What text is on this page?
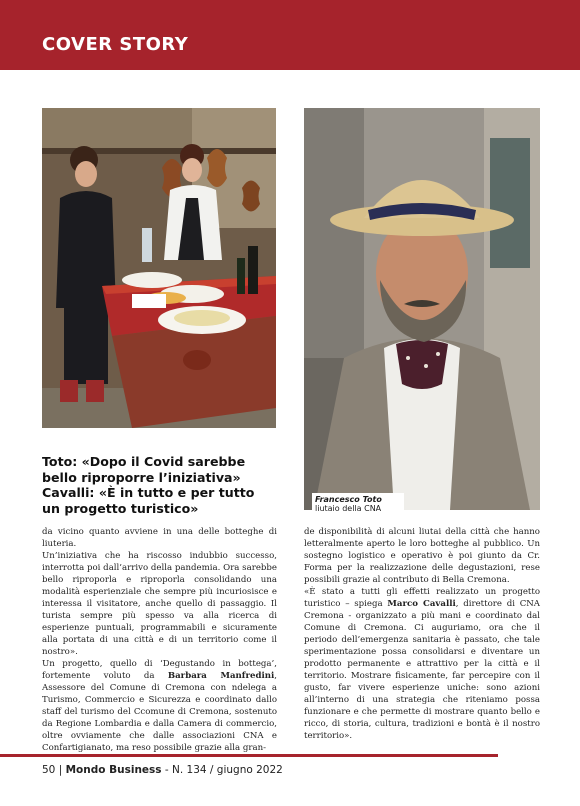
COVER STORY
Francesco Toto
liutaio della CNA
Toto: «Dopo il Covid sarebbe
bello riproporre l’iniziativa»
Cavalli: «È in tutto e per tutto
un progetto turistico»

da vicino quanto avviene in una delle botteghe di liuteria.

Un’iniziativa che ha riscosso indubbio successo, interrotta poi dall’arrivo della pandemia. Ora sarebbe bello riproporla e riproporla consolidando una modalità esperienziale che sempre più incuriosisce e interessa il visitatore, anche quello di passaggio. Il turista sempre più spesso va alla ricerca di esperienze puntuali, programmabili e sicuramente alla portata di una città e di un territorio come il nostro».

Un progetto, quello di ‘Degustando in bottega’, fortemente voluto da Barbara Manfredini, Assessore del Comune di Cremona con ndelega a Turismo, Commercio e Sicurezza e coordinato dallo staff del turismo del Ccomune di Cremona, sostenuto da Regione Lombardia e dalla Camera di commercio, oltre ovviamente che dalle associazioni CNA e Confartigianato, ma reso possibile grazie alla gran-

de disponibilità di alcuni liutai della città che hanno letteralmente aperto le loro botteghe al pubblico. Un sostegno logistico e operativo è poi giunto da Cr. Forma per la realizzazione delle degustazioni, rese possibili grazie al contributo di Bella Cremona.

«È stato a tutti gli effetti realizzato un progetto turistico – spiega Marco Cavalli, direttore di CNA Cremona - organizzato a più mani e coordinato dal Comune di Cremona. Ci auguriamo, ora che il periodo dell’emergenza sanitaria è passato, che tale sperimentazione possa consolidarsi e diventare un prodotto permanente e attrattivo per la città e il territorio. Mostrare fisicamente, far percepire con il gusto, far vivere esperienze uniche: sono azioni all’interno di una strategia che riteniamo possa funzionare e che permette di mostrare quanto bello e ricco, di storia, cultura, tradizioni e bontà è il nostro territorio».

50 | Mondo Business - N. 134 / giugno 2022
